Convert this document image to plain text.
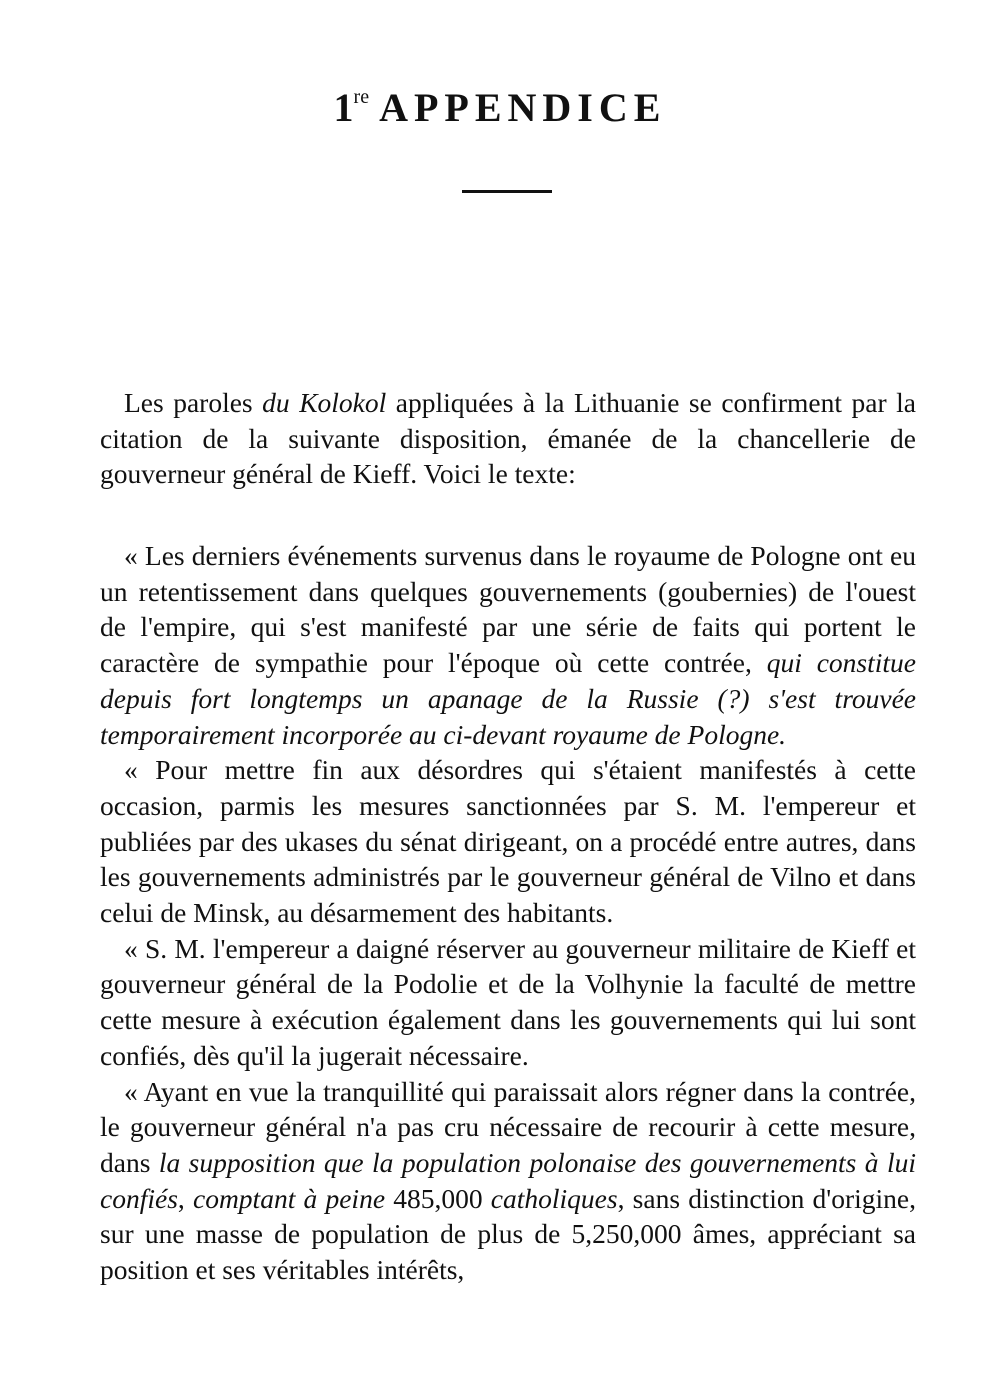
1re APPENDICE

Les paroles du Kolokol appliquées à la Lithuanie se confirment par la citation de la suivante disposition, émanée de la chancellerie de gouverneur général de Kieff. Voici le texte:

« Les derniers événements survenus dans le royaume de Pologne ont eu un retentissement dans quelques gouvernements (goubernies) de l'ouest de l'empire, qui s'est manifesté par une série de faits qui portent le caractère de sympathie pour l'époque où cette contrée, qui constitue depuis fort longtemps un apanage de la Russie (?) s'est trouvée temporairement incorporée au ci-devant royaume de Pologne.

« Pour mettre fin aux désordres qui s'étaient manifestés à cette occasion, parmis les mesures sanctionnées par S. M. l'empereur et publiées par des ukases du sénat dirigeant, on a procédé entre autres, dans les gouvernements administrés par le gouverneur général de Vilno et dans celui de Minsk, au désarmement des habitants.

« S. M. l'empereur a daigné réserver au gouverneur militaire de Kieff et gouverneur général de la Podolie et de la Volhynie la faculté de mettre cette mesure à exécution également dans les gouvernements qui lui sont confiés, dès qu'il la jugerait nécessaire.

« Ayant en vue la tranquillité qui paraissait alors régner dans la contrée, le gouverneur général n'a pas cru nécessaire de recourir à cette mesure, dans la supposition que la population polonaise des gouvernements à lui confiés, comptant à peine 485,000 catholiques, sans distinction d'origine, sur une masse de population de plus de 5,250,000 âmes, appréciant sa position et ses véritables intérêts,
